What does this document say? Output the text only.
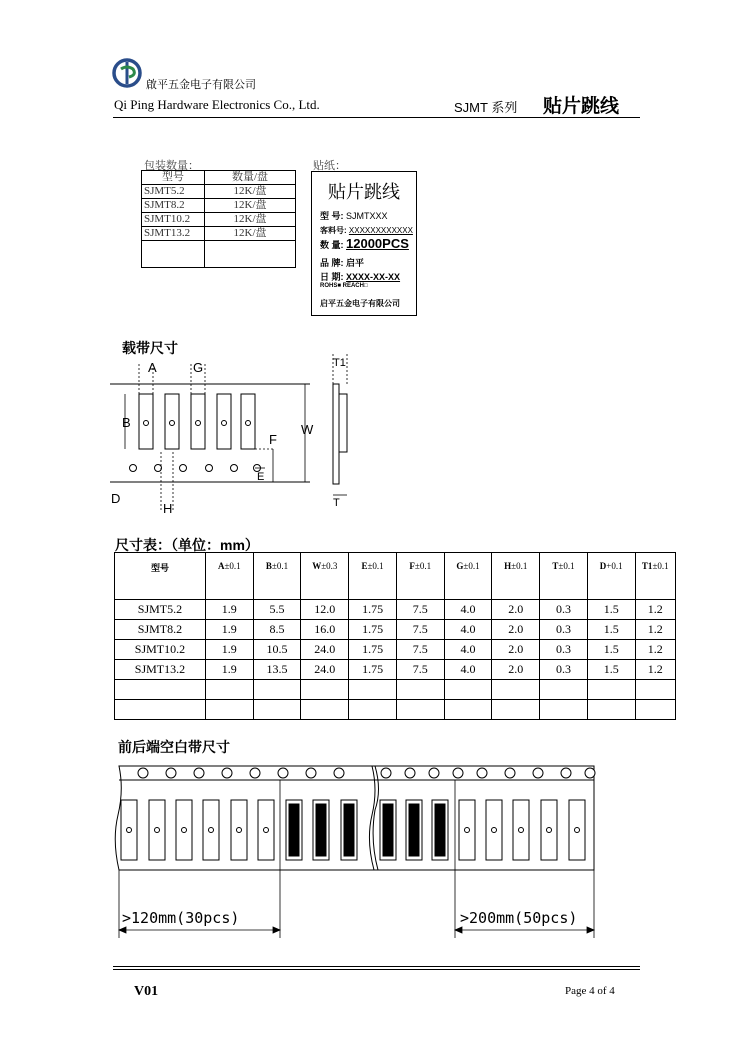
啟平五金电子有限公司
Qi Ping Hardware Electronics Co., Ltd.	SJMT 系列 贴片跳线
包装数量：
型号	数量/盘
SJMT5.2	12K/盘
SJMT8.2	12K/盘
SJMT10.2	12K/盘
SJMT13.2	12K/盘

贴纸：
贴片跳线
型 号: SJMTXXX
客料号: XXXXXXXXXXXX
数 量: 12000PCS
品 牌: 启平
日 期: XXXX-XX-XX
ROHS■ REACH□
启平五金电子有限公司
载带尺寸
A	G	T1
B	W
F
E
D
H	T
尺寸表：（单位：mm）
型号	A±0.1	B±0.1	W±0.3	E±0.1	F±0.1	G±0.1	H±0.1	T±0.1	D+0.1	T1±0.1
SJMT5.2	1.9	5.5	12.0	1.75	7.5	4.0	2.0	0.3	1.5	1.2
SJMT8.2	1.9	8.5	16.0	1.75	7.5	4.0	2.0	0.3	1.5	1.2
SJMT10.2	1.9	10.5	24.0	1.75	7.5	4.0	2.0	0.3	1.5	1.2
SJMT13.2	1.9	13.5	24.0	1.75	7.5	4.0	2.0	0.3	1.5	1.2

前后端空白带尺寸
>120mm(30pcs)	>200mm(50pcs)
V01	Page 4 of 4
